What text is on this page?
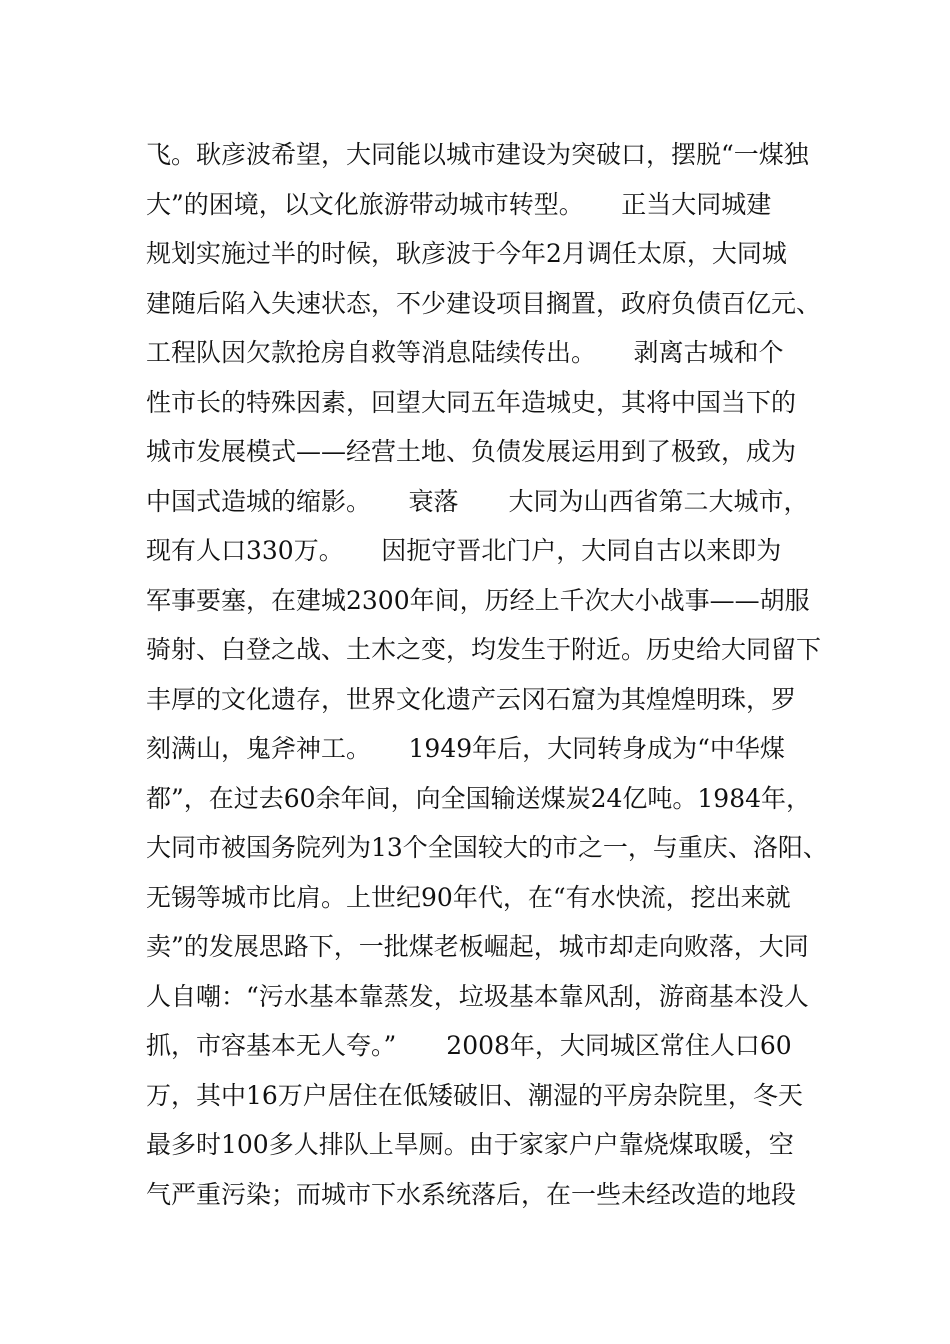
飞。耿彦波希望，大同能以城市建设为突破口，摆脱“一煤独
大”的困境，以文化旅游带动城市转型。　　正当大同城建
规划实施过半的时候，耿彦波于今年2月调任太原，大同城
建随后陷入失速状态，不少建设项目搁置，政府负债百亿元、
工程队因欠款抢房自救等消息陆续传出。　　剥离古城和个
性市长的特殊因素，回望大同五年造城史，其将中国当下的
城市发展模式——经营土地、负债发展运用到了极致，成为
中国式造城的缩影。　　衰落　　大同为山西省第二大城市，
现有人口330万。　　因扼守晋北门户，大同自古以来即为
军事要塞，在建城2300年间，历经上千次大小战事——胡服
骑射、白登之战、土木之变，均发生于附近。历史给大同留下
丰厚的文化遗存，世界文化遗产云冈石窟为其煌煌明珠，罗
刻满山，鬼斧神工。　　1949年后，大同转身成为“中华煤
都”，在过去60余年间，向全国输送煤炭24亿吨。1984年，
大同市被国务院列为13个全国较大的市之一，与重庆、洛阳、
无锡等城市比肩。上世纪90年代，在“有水快流，挖出来就
卖”的发展思路下，一批煤老板崛起，城市却走向败落，大同
人自嘲：“污水基本靠蒸发，垃圾基本靠风刮，游商基本没人
抓，市容基本无人夸。”　　2008年，大同城区常住人口60
万，其中16万户居住在低矮破旧、潮湿的平房杂院里，冬天
最多时100多人排队上旱厕。由于家家户户靠烧煤取暖，空
气严重污染；而城市下水系统落后，在一些未经改造的地段
